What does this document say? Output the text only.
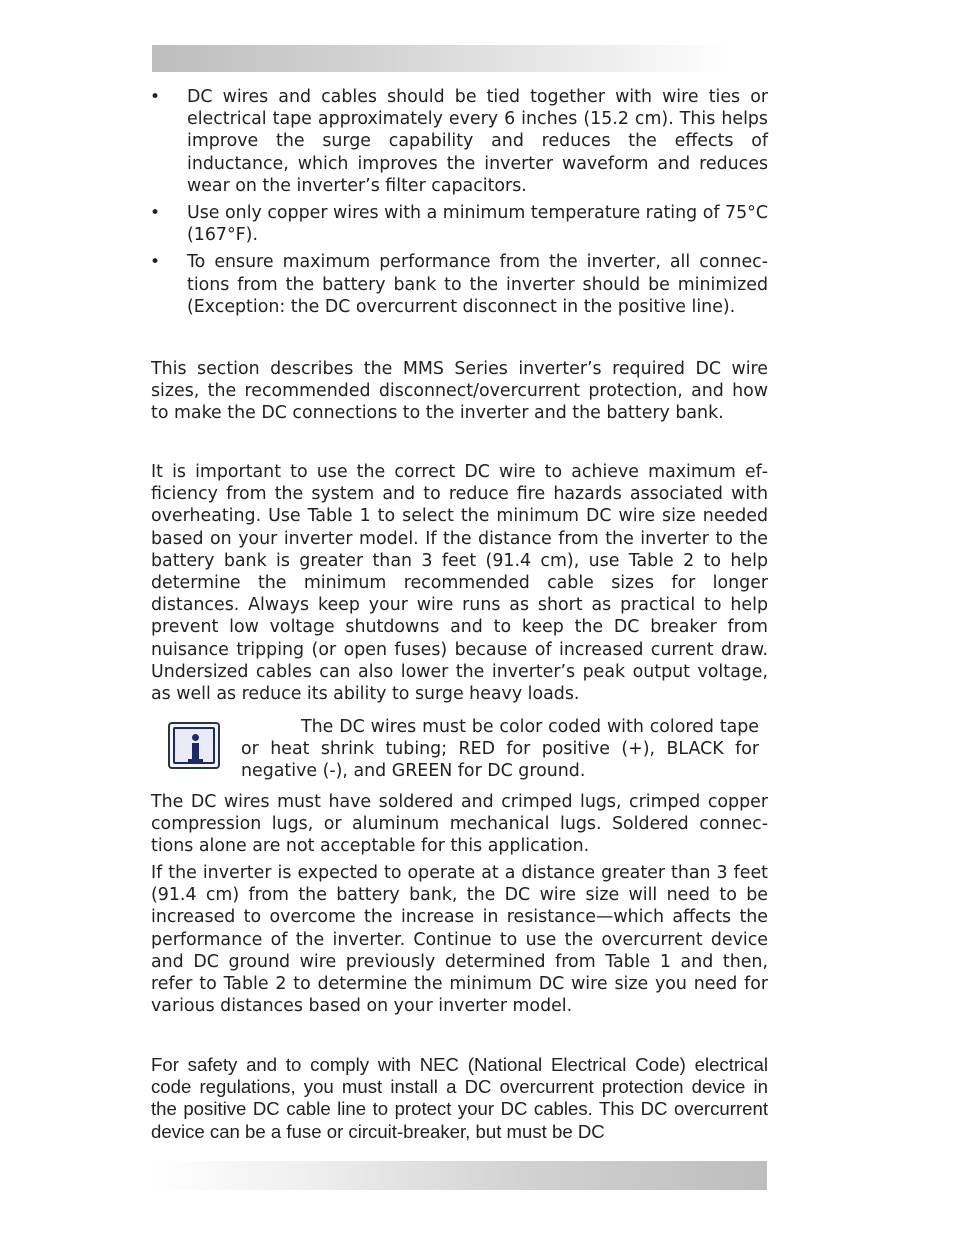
• DC wires and cables should be tied together with wire ties or electrical tape approximately every 6 inches (15.2 cm). This helps improve the surge capability and reduces the effects of inductance, which improves the inverter waveform and reduces wear on the inverter’s filter capacitors.
• Use only copper wires with a minimum temperature rating of 75°C (167°F).
• To ensure maximum performance from the inverter, all connections from the battery bank to the inverter should be minimized (Exception: the DC overcurrent disconnect in the positive line).

This section describes the MMS Series inverter’s required DC wire sizes, the recommended disconnect/overcurrent protection, and how to make the DC connections to the inverter and the battery bank.

It is important to use the correct DC wire to achieve maximum efficiency from the system and to reduce fire hazards associated with overheating. Use Table 1 to select the minimum DC wire size needed based on your inverter model. If the distance from the inverter to the battery bank is greater than 3 feet (91.4 cm), use Table 2 to help determine the minimum recommended cable sizes for longer distances. Always keep your wire runs as short as practical to help prevent low voltage shutdowns and to keep the DC breaker from nuisance tripping (or open fuses) because of increased current draw. Undersized cables can also lower the inverter’s peak output voltage, as well as reduce its ability to surge heavy loads.

The DC wires must be color coded with colored tape or heat shrink tubing; RED for positive (+), BLACK for negative (-), and GREEN for DC ground.

The DC wires must have soldered and crimped lugs, crimped copper compression lugs, or aluminum mechanical lugs. Soldered connections alone are not acceptable for this application.

If the inverter is expected to operate at a distance greater than 3 feet (91.4 cm) from the battery bank, the DC wire size will need to be increased to overcome the increase in resistance—which affects the performance of the inverter. Continue to use the overcurrent device and DC ground wire previously determined from Table 1 and then, refer to Table 2 to determine the minimum DC wire size you need for various distances based on your inverter model.

For safety and to comply with NEC (National Electrical Code) electrical code regulations, you must install a DC overcurrent protection device in the positive DC cable line to protect your DC cables. This DC overcurrent device can be a fuse or circuit-breaker, but must be DC
